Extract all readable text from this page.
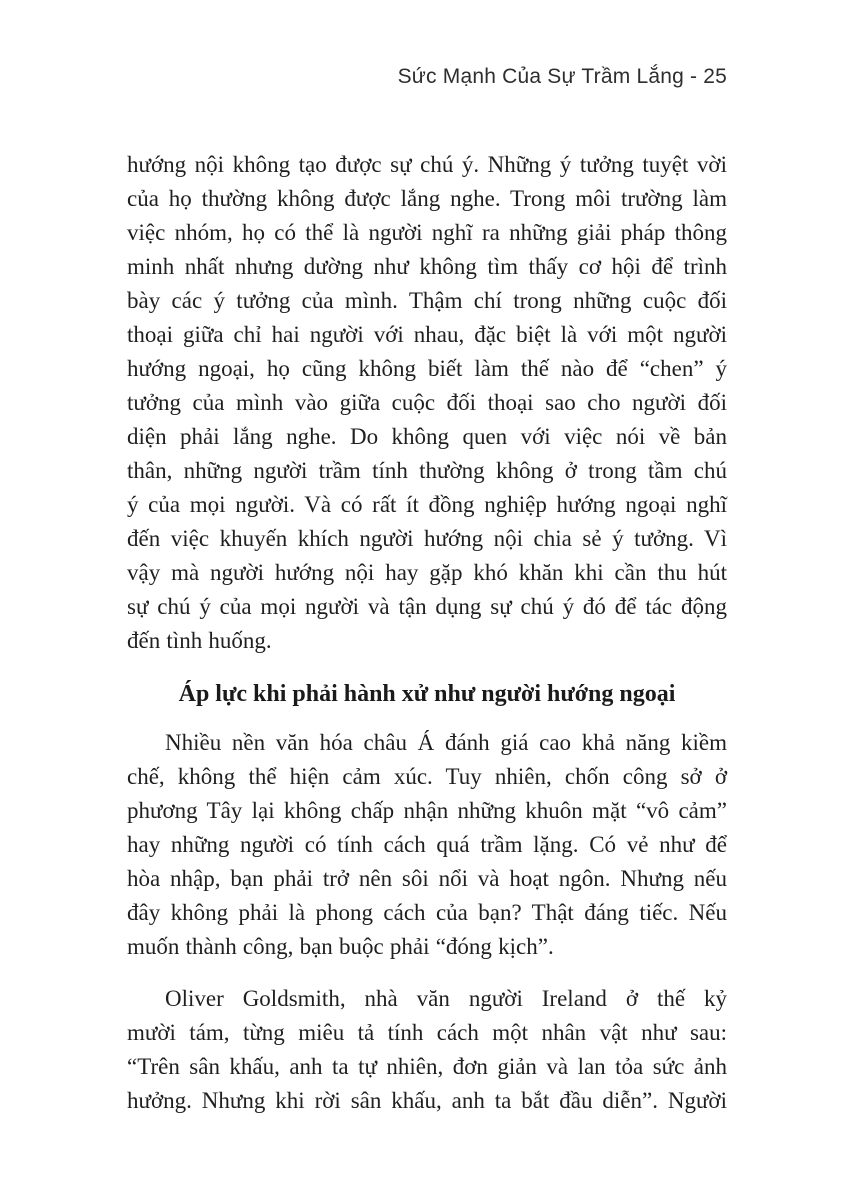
Sức Mạnh Của Sự Trầm Lắng - 25
hướng nội không tạo được sự chú ý. Những ý tưởng tuyệt vời
của họ thường không được lắng nghe. Trong môi trường làm
việc nhóm, họ có thể là người nghĩ ra những giải pháp thông
minh nhất nhưng dường như không tìm thấy cơ hội để trình
bày các ý tưởng của mình. Thậm chí trong những cuộc đối
thoại giữa chỉ hai người với nhau, đặc biệt là với một người
hướng ngoại, họ cũng không biết làm thế nào để “chen” ý
tưởng của mình vào giữa cuộc đối thoại sao cho người đối
diện phải lắng nghe. Do không quen với việc nói về bản
thân, những người trầm tính thường không ở trong tầm chú
ý của mọi người. Và có rất ít đồng nghiệp hướng ngoại nghĩ
đến việc khuyến khích người hướng nội chia sẻ ý tưởng. Vì
vậy mà người hướng nội hay gặp khó khăn khi cần thu hút
sự chú ý của mọi người và tận dụng sự chú ý đó để tác động
đến tình huống.
Áp lực khi phải hành xử như người hướng ngoại
Nhiều nền văn hóa châu Á đánh giá cao khả năng kiềm
chế, không thể hiện cảm xúc. Tuy nhiên, chốn công sở ở
phương Tây lại không chấp nhận những khuôn mặt “vô cảm”
hay những người có tính cách quá trầm lặng. Có vẻ như để
hòa nhập, bạn phải trở nên sôi nổi và hoạt ngôn. Nhưng nếu
đây không phải là phong cách của bạn? Thật đáng tiếc. Nếu
muốn thành công, bạn buộc phải “đóng kịch”.
Oliver Goldsmith, nhà văn người Ireland ở thế kỷ
mười tám, từng miêu tả tính cách một nhân vật như sau:
“Trên sân khấu, anh ta tự nhiên, đơn giản và lan tỏa sức ảnh
hưởng. Nhưng khi rời sân khấu, anh ta bắt đầu diễn”. Người
